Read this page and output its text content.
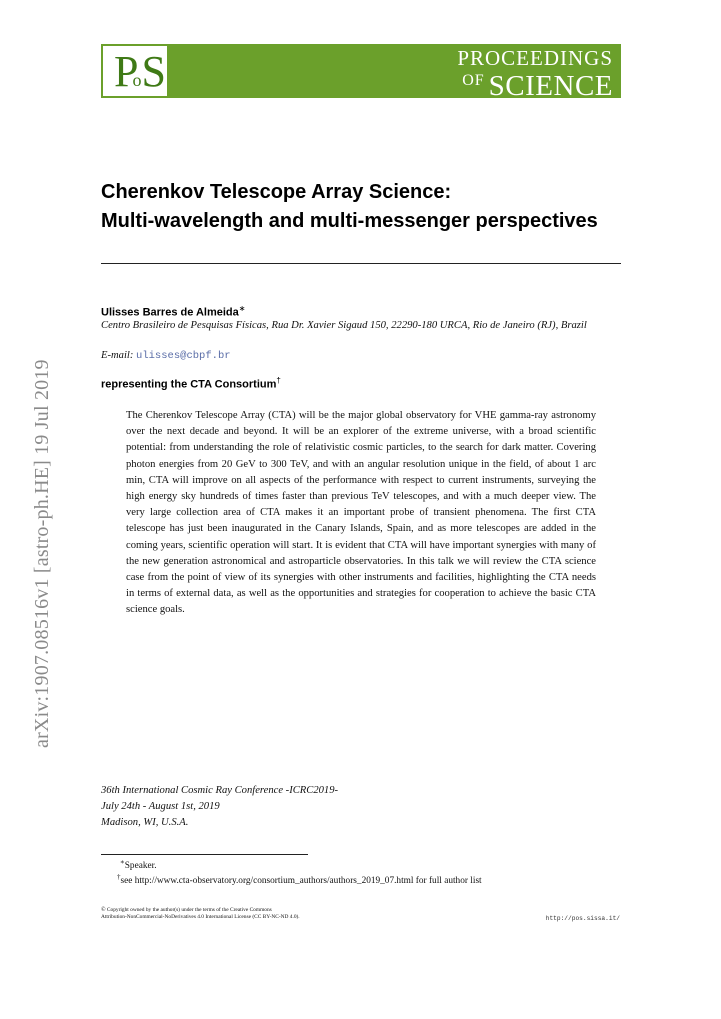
PoS	PROCEEDINGS
OF SCIENCE
arXiv:1907.08516v1 [astro-ph.HE] 19 Jul 2019
Cherenkov Telescope Array Science:
Multi-wavelength and multi-messenger perspectives
Ulisses Barres de Almeida∗
Centro Brasileiro de Pesquisas Físicas, Rua Dr. Xavier Sigaud 150, 22290-180 URCA, Rio de Janeiro (RJ), Brazil
E-mail: ulisses@cbpf.br
representing the CTA Consortium†
The Cherenkov Telescope Array (CTA) will be the major global observatory for VHE gamma-ray astronomy over the next decade and beyond. It will be an explorer of the extreme universe, with a broad scientific potential: from understanding the role of relativistic cosmic particles, to the search for dark matter. Covering photon energies from 20 GeV to 300 TeV, and with an angular resolution unique in the field, of about 1 arc min, CTA will improve on all aspects of the performance with respect to current instruments, surveying the high energy sky hundreds of times faster than previous TeV telescopes, and with a much deeper view. The very large collection area of CTA makes it an important probe of transient phenomena. The first CTA telescope has just been inaugurated in the Canary Islands, Spain, and as more telescopes are added in the coming years, scientific operation will start. It is evident that CTA will have important synergies with many of the new generation astronomical and astroparticle observatories. In this talk we will review the CTA science case from the point of view of its synergies with other instruments and facilities, highlighting the CTA needs in terms of external data, as well as the opportunities and strategies for cooperation to achieve the basic CTA science goals.
36th International Cosmic Ray Conference -ICRC2019-
July 24th - August 1st, 2019
Madison, WI, U.S.A.
∗Speaker.
†see http://www.cta-observatory.org/consortium_authors/authors_2019_07.html for full author list
© Copyright owned by the author(s) under the terms of the Creative Commons
Attribution-NonCommercial-NoDerivatives 4.0 International License (CC BY-NC-ND 4.0).	http://pos.sissa.it/
